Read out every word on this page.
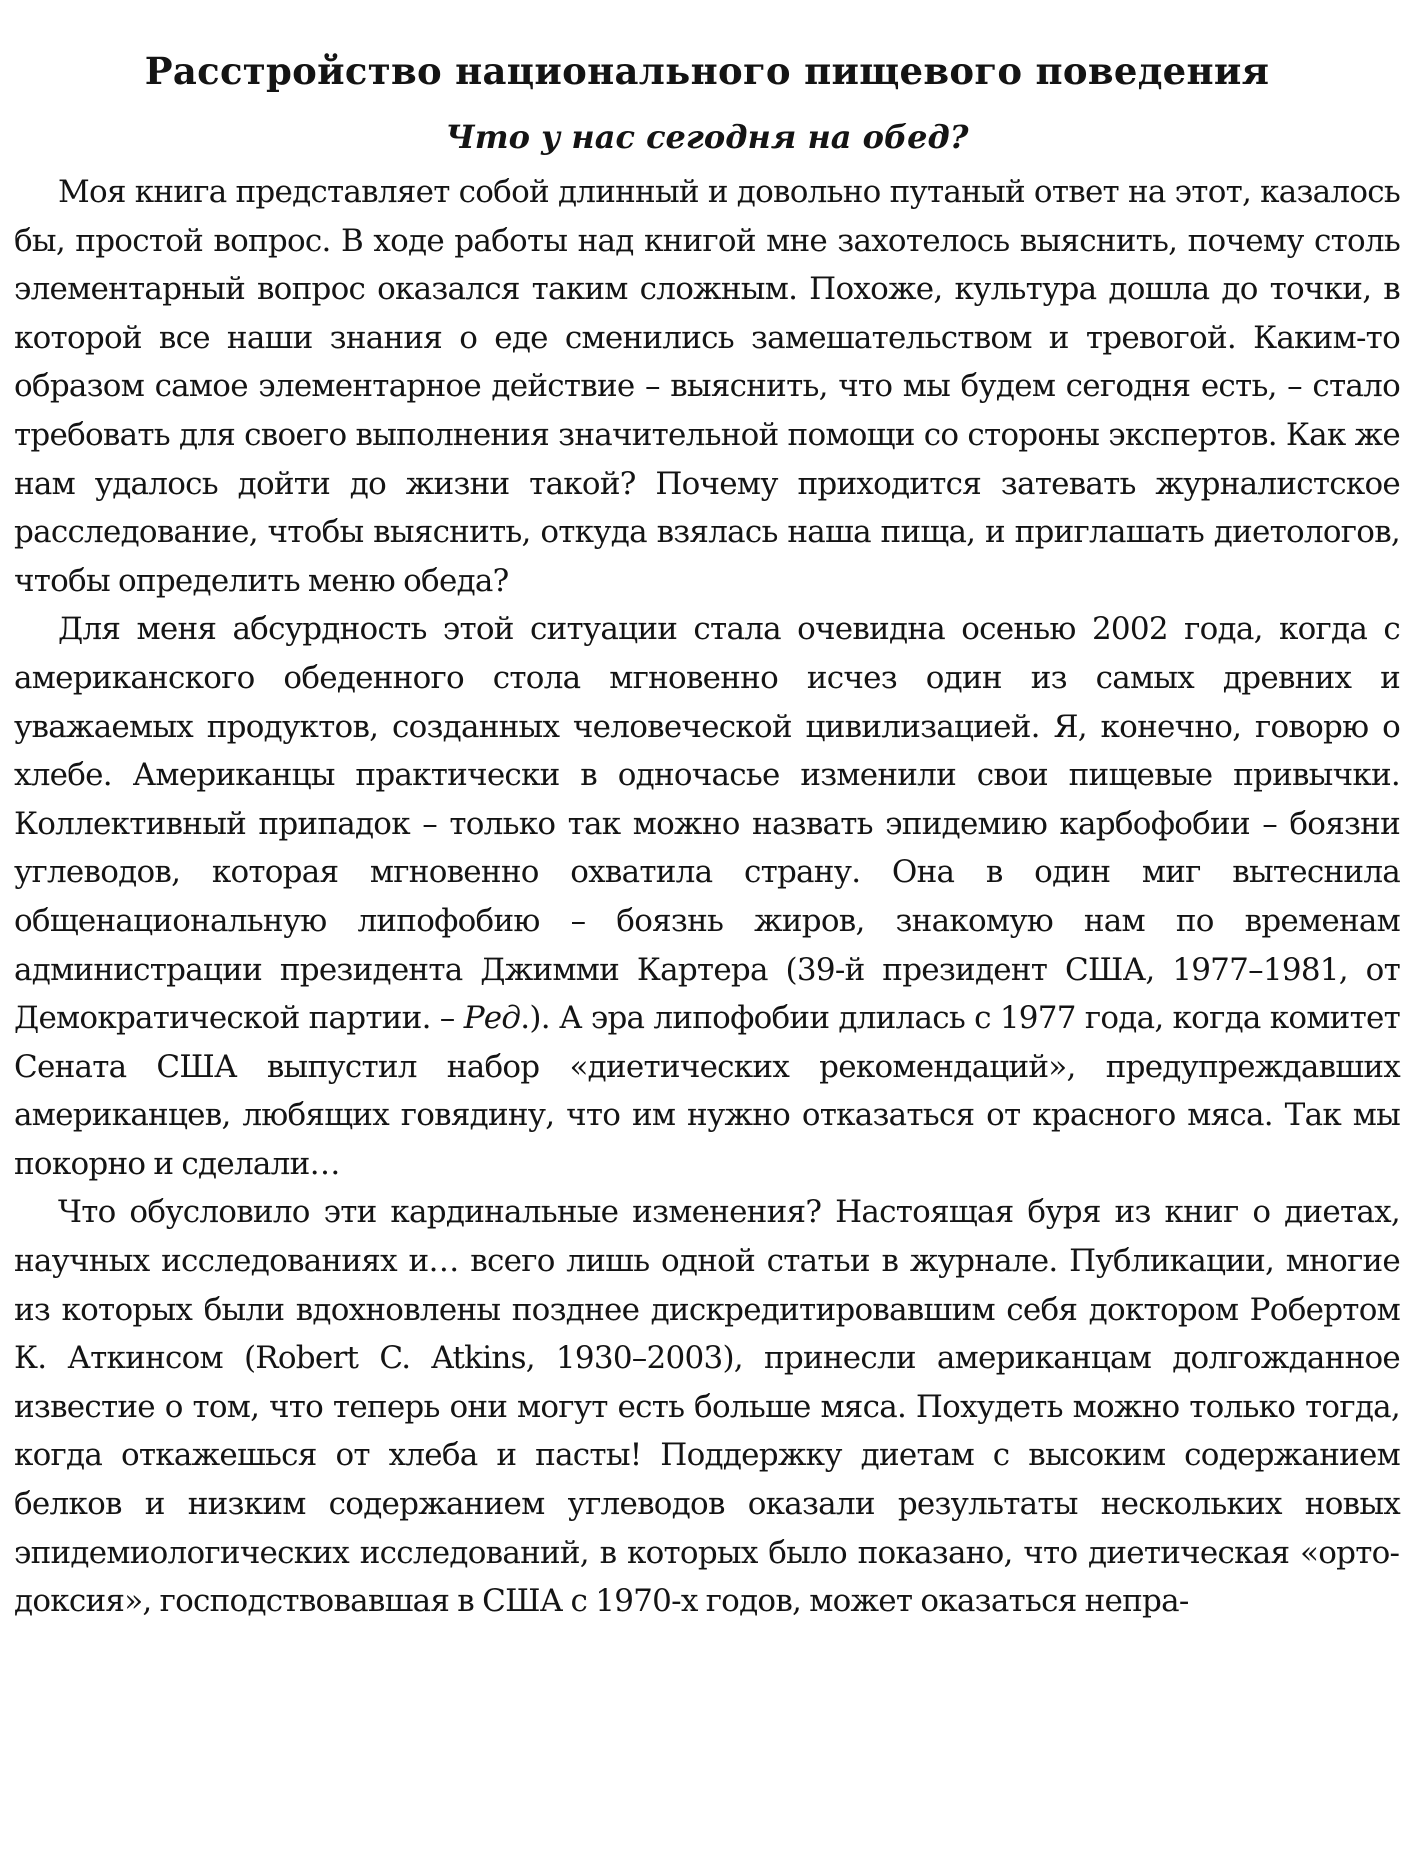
Расстройство национального пищевого поведения
Что у нас сегодня на обед?

Моя книга представляет собой длинный и довольно путаный ответ на этот, казалось бы, простой вопрос. В ходе работы над книгой мне захотелось выяснить, почему столь элементарный вопрос оказался таким сложным. Похоже, культура дошла до точки, в которой все наши знания о еде сменились замешательством и тревогой. Каким-то образом самое элементарное действие – выяснить, что мы будем сегодня есть, – стало требовать для своего выполнения значительной помощи со стороны экспертов. Как же нам удалось дойти до жизни такой? Почему приходится затевать журналистское расследование, чтобы выяснить, откуда взялась наша пища, и приглашать диетологов, чтобы определить меню обеда?

Для меня абсурдность этой ситуации стала очевидна осенью 2002 года, когда с американского обеденного стола мгновенно исчез один из самых древних и уважаемых продуктов, созданных человеческой цивилизацией. Я, конечно, говорю о хлебе. Американцы практически в одночасье изменили свои пищевые привычки. Коллективный припадок – только так можно назвать эпидемию карбофобии – боязни углеводов, которая мгновенно охватила страну. Она в один миг вытеснила общенациональную липофобию – боязнь жиров, знакомую нам по временам администрации президента Джимми Картера (39-й президент США, 1977–1981, от Демократической партии. – Ред.). А эра липофобии длилась с 1977 года, когда комитет Сената США выпустил набор «диетических рекомендаций», предупреждавших американцев, любящих говядину, что им нужно отказаться от красного мяса. Так мы покорно и сделали…

Что обусловило эти кардинальные изменения? Настоящая буря из книг о диетах, научных исследованиях и… всего лишь одной статьи в журнале. Публикации, многие из которых были вдохновлены позднее дискредитировавшим себя доктором Робертом К. Аткинсом (Robert C. Atkins, 1930–2003), принесли американцам долгожданное известие о том, что теперь они могут есть больше мяса. Похудеть можно только тогда, когда откажешься от хлеба и пасты! Поддержку диетам с высоким содержанием белков и низким содержанием углеводов оказали результаты нескольких новых эпидемиологических исследований, в которых было показано, что диетическая «ортодоксия», господствовавшая в США с 1970-х годов, может оказаться непра-
